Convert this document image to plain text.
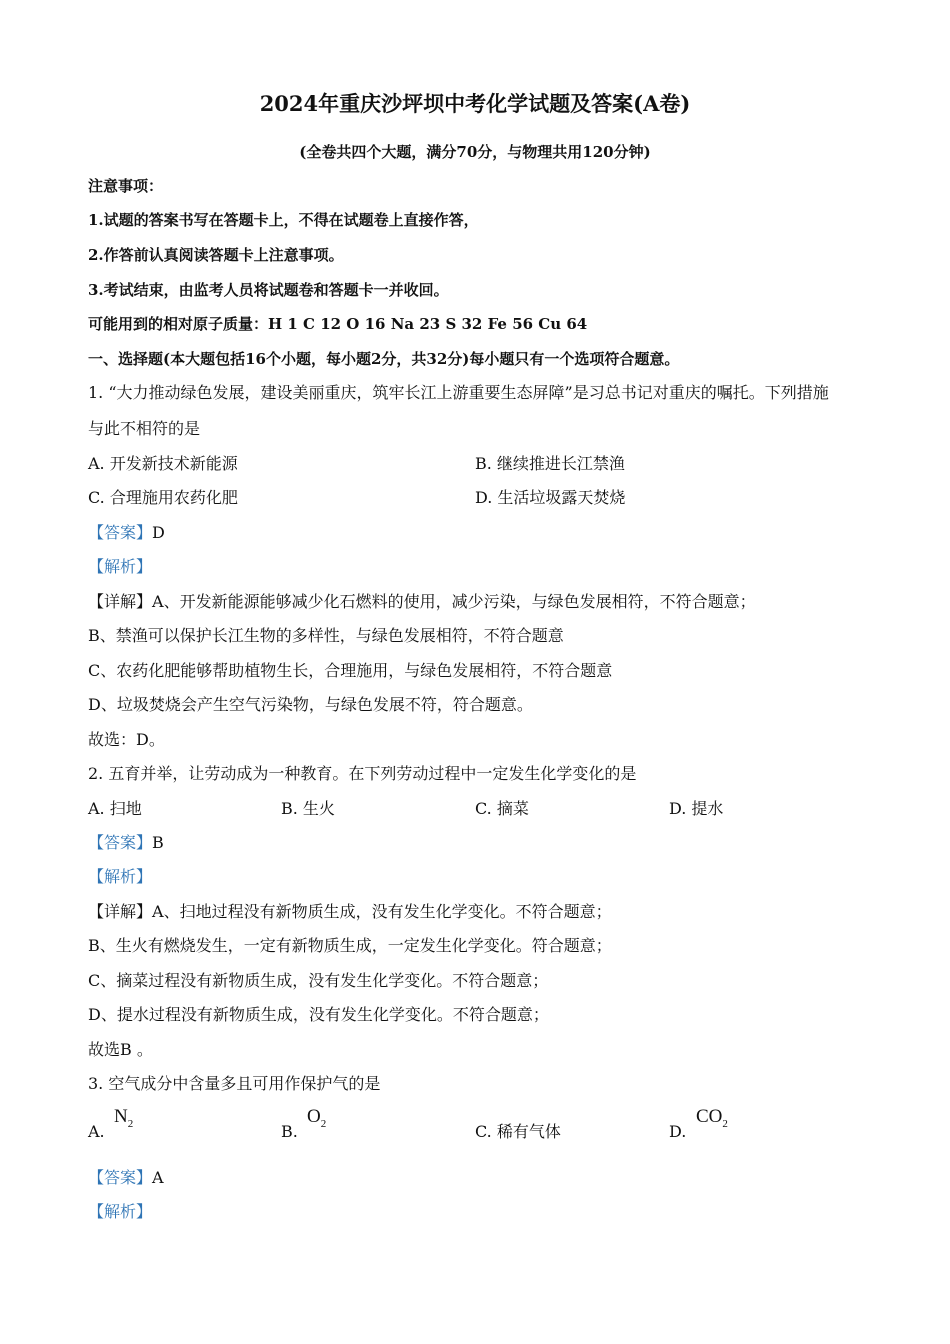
2024年重庆沙坪坝中考化学试题及答案(A卷)
(全卷共四个大题，满分70分，与物理共用120分钟)
注意事项：
1.试题的答案书写在答题卡上，不得在试题卷上直接作答，
2.作答前认真阅读答题卡上注意事项。
3.考试结束，由监考人员将试题卷和答题卡一并收回。
可能用到的相对原子质量：H 1 C 12 O 16 Na 23 S 32 Fe 56 Cu 64
一、选择题(本大题包括16个小题，每小题2分，共32分)每小题只有一个选项符合题意。
1. “大力推动绿色发展，建设美丽重庆，筑牢长江上游重要生态屏障”是习总书记对重庆的嘱托。下列措施
与此不相符的是
A. 开发新技术新能源	B. 继续推进长江禁渔
C. 合理施用农药化肥	D. 生活垃圾露天焚烧
【答案】D
【解析】
【详解】A、开发新能源能够减少化石燃料的使用，减少污染，与绿色发展相符，不符合题意；
B、禁渔可以保护长江生物的多样性，与绿色发展相符，不符合题意
C、农药化肥能够帮助植物生长，合理施用，与绿色发展相符，不符合题意
D、垃圾焚烧会产生空气污染物，与绿色发展不符，符合题意。
故选：D。
2. 五育并举，让劳动成为一种教育。在下列劳动过程中一定发生化学变化的是
A. 扫地	B. 生火	C. 摘菜	D. 提水
【答案】B
【解析】
【详解】A、扫地过程没有新物质生成，没有发生化学变化。不符合题意；
B、生火有燃烧发生，一定有新物质生成，一定发生化学变化。符合题意；
C、摘菜过程没有新物质生成，没有发生化学变化。不符合题意；
D、提水过程没有新物质生成，没有发生化学变化。不符合题意；
故选B 。
3. 空气成分中含量多且可用作保护气的是
A.
$N_2$	B.
$O_2$	C. 稀有气体	D.
$CO_2$
【答案】A
【解析】
